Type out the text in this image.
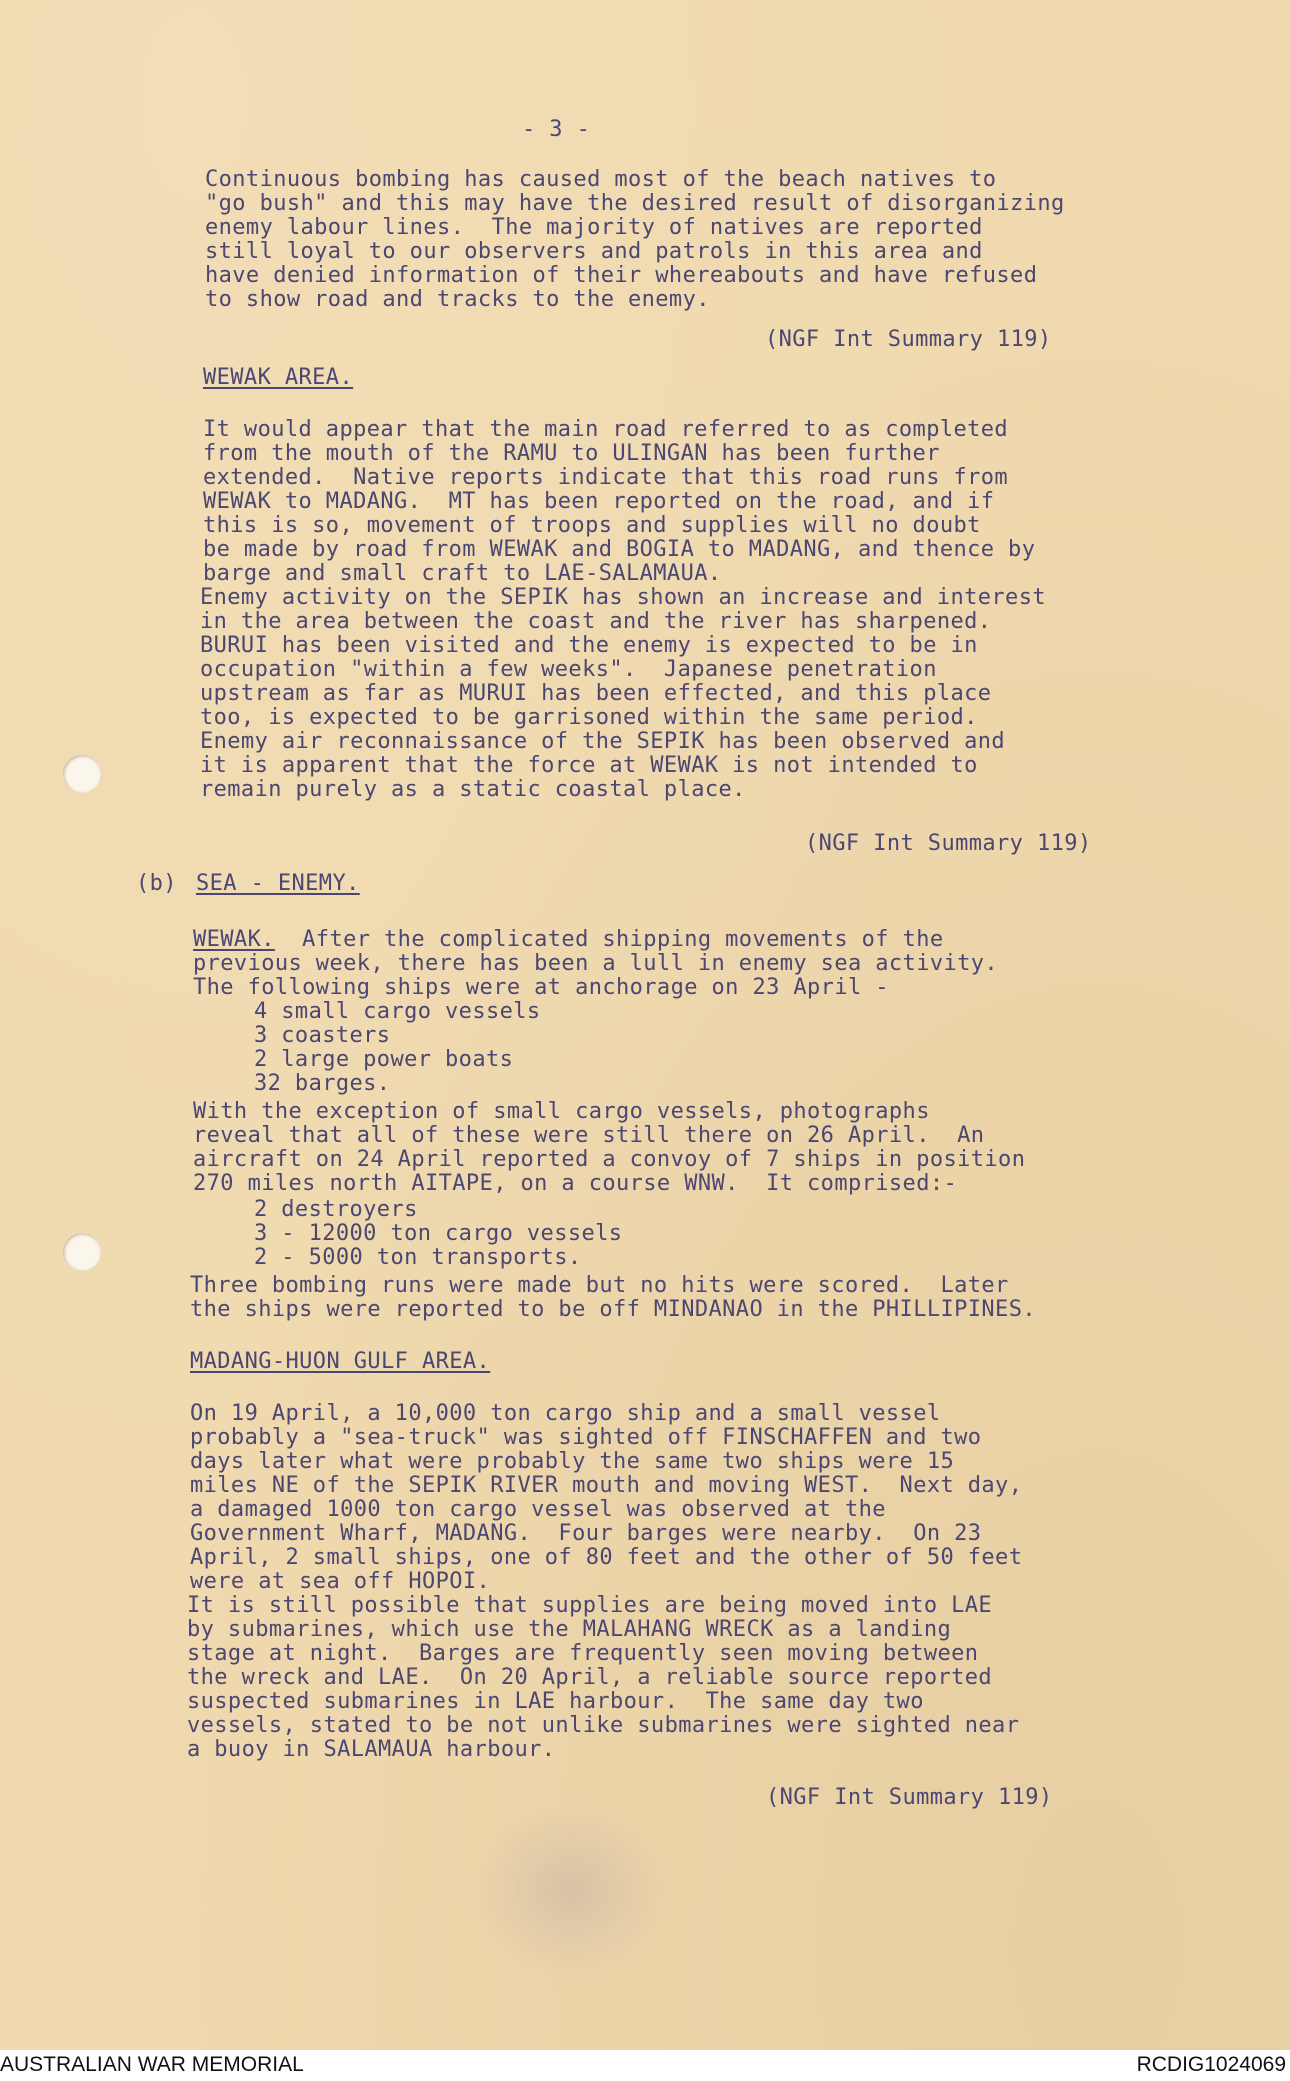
- 3 -
Continuous bombing has caused most of the beach natives to
"go bush" and this may have the desired result of disorganizing
enemy labour lines.  The majority of natives are reported
still loyal to our observers and patrols in this area and
have denied information of their whereabouts and have refused
to show road and tracks to the enemy.
(NGF Int Summary 119)
WEWAK AREA.
It would appear that the main road referred to as completed
from the mouth of the RAMU to ULINGAN has been further
extended.  Native reports indicate that this road runs from
WEWAK to MADANG.  MT has been reported on the road, and if
this is so, movement of troops and supplies will no doubt
be made by road from WEWAK and BOGIA to MADANG, and thence by
barge and small craft to LAE-SALAMAUA.
Enemy activity on the SEPIK has shown an increase and interest
in the area between the coast and the river has sharpened.
BURUI has been visited and the enemy is expected to be in
occupation "within a few weeks".  Japanese penetration
upstream as far as MURUI has been effected, and this place
too, is expected to be garrisoned within the same period.
Enemy air reconnaissance of the SEPIK has been observed and
it is apparent that the force at WEWAK is not intended to
remain purely as a static coastal place.
(NGF Int Summary 119)
(b) SEA - ENEMY.
WEWAK.  After the complicated shipping movements of the
previous week, there has been a lull in enemy sea activity.
The following ships were at anchorage on 23 April -
4 small cargo vessels
3 coasters
2 large power boats
32 barges.
With the exception of small cargo vessels, photographs
reveal that all of these were still there on 26 April.  An
aircraft on 24 April reported a convoy of 7 ships in position
270 miles north AITAPE, on a course WNW.  It comprised:-
2 destroyers
3 - 12000 ton cargo vessels
2 - 5000 ton transports.
Three bombing runs were made but no hits were scored.  Later
the ships were reported to be off MINDANAO in the PHILLIPINES.
MADANG-HUON GULF AREA.
On 19 April, a 10,000 ton cargo ship and a small vessel
probably a "sea-truck" was sighted off FINSCHAFFEN and two
days later what were probably the same two ships were 15
miles NE of the SEPIK RIVER mouth and moving WEST.  Next day,
a damaged 1000 ton cargo vessel was observed at the
Government Wharf, MADANG.  Four barges were nearby.  On 23
April, 2 small ships, one of 80 feet and the other of 50 feet
were at sea off HOPOI.
It is still possible that supplies are being moved into LAE
by submarines, which use the MALAHANG WRECK as a landing
stage at night.  Barges are frequently seen moving between
the wreck and LAE.  On 20 April, a reliable source reported
suspected submarines in LAE harbour.  The same day two
vessels, stated to be not unlike submarines were sighted near
a buoy in SALAMAUA harbour.
(NGF Int Summary 119)
AUSTRALIAN WAR MEMORIAL	RCDIG1024069
